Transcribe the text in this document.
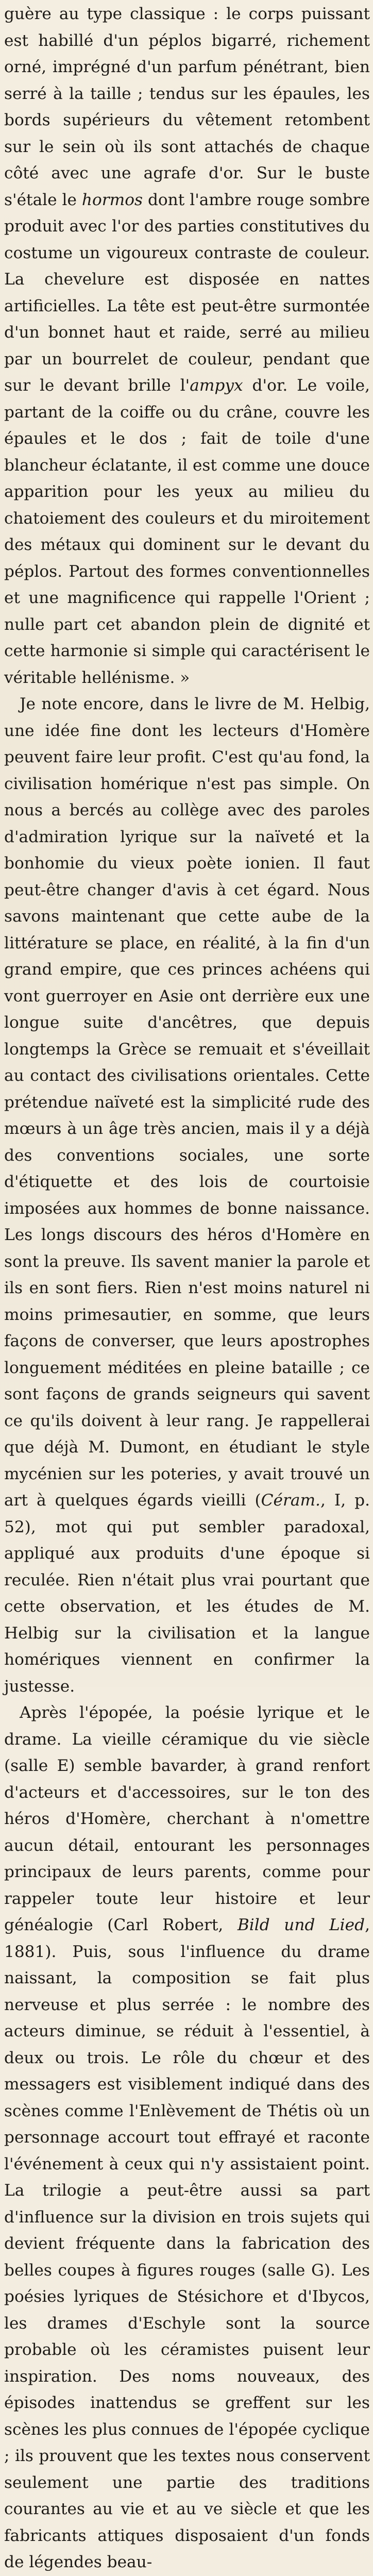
guère au type classique : le corps puissant est habillé d'un péplos bigarré, richement orné, imprégné d'un parfum pénétrant, bien serré à la taille ; tendus sur les épaules, les bords supérieurs du vêtement retombent sur le sein où ils sont attachés de chaque côté avec une agrafe d'or. Sur le buste s'étale le hormos dont l'ambre rouge sombre produit avec l'or des parties constitutives du costume un vigoureux contraste de couleur. La chevelure est disposée en nattes artificielles. La tête est peut-être surmontée d'un bonnet haut et raide, serré au milieu par un bourrelet de couleur, pendant que sur le devant brille l'ampyx d'or. Le voile, partant de la coiffe ou du crâne, couvre les épaules et le dos ; fait de toile d'une blancheur éclatante, il est comme une douce apparition pour les yeux au milieu du chatoiement des couleurs et du miroitement des métaux qui dominent sur le devant du péplos. Partout des formes conventionnelles et une magnificence qui rappelle l'Orient ; nulle part cet abandon plein de dignité et cette harmonie si simple qui caractérisent le véritable hellénisme. »

Je note encore, dans le livre de M. Helbig, une idée fine dont les lecteurs d'Homère peuvent faire leur profit. C'est qu'au fond, la civilisation homérique n'est pas simple. On nous a bercés au collège avec des paroles d'admiration lyrique sur la naïveté et la bonhomie du vieux poète ionien. Il faut peut-être changer d'avis à cet égard. Nous savons maintenant que cette aube de la littérature se place, en réalité, à la fin d'un grand empire, que ces princes achéens qui vont guerroyer en Asie ont derrière eux une longue suite d'ancêtres, que depuis longtemps la Grèce se remuait et s'éveillait au contact des civilisations orientales. Cette prétendue naïveté est la simplicité rude des mœurs à un âge très ancien, mais il y a déjà des conventions sociales, une sorte d'étiquette et des lois de courtoisie imposées aux hommes de bonne naissance. Les longs discours des héros d'Homère en sont la preuve. Ils savent manier la parole et ils en sont fiers. Rien n'est moins naturel ni moins primesautier, en somme, que leurs façons de converser, que leurs apostrophes longuement méditées en pleine bataille ; ce sont façons de grands seigneurs qui savent ce qu'ils doivent à leur rang. Je rappellerai que déjà M. Dumont, en étudiant le style mycénien sur les poteries, y avait trouvé un art à quelques égards vieilli (Céram., I, p. 52), mot qui put sembler paradoxal, appliqué aux produits d'une époque si reculée. Rien n'était plus vrai pourtant que cette observation, et les études de M. Helbig sur la civilisation et la langue homériques viennent en confirmer la justesse.

Après l'épopée, la poésie lyrique et le drame. La vieille céramique du vie siècle (salle E) semble bavarder, à grand renfort d'acteurs et d'accessoires, sur le ton des héros d'Homère, cherchant à n'omettre aucun détail, entourant les personnages principaux de leurs parents, comme pour rappeler toute leur histoire et leur généalogie (Carl Robert, Bild und Lied, 1881). Puis, sous l'influence du drame naissant, la composition se fait plus nerveuse et plus serrée : le nombre des acteurs diminue, se réduit à l'essentiel, à deux ou trois. Le rôle du chœur et des messagers est visiblement indiqué dans des scènes comme l'Enlèvement de Thétis où un personnage accourt tout effrayé et raconte l'événement à ceux qui n'y assistaient point. La trilogie a peut-être aussi sa part d'influence sur la division en trois sujets qui devient fréquente dans la fabrication des belles coupes à figures rouges (salle G). Les poésies lyriques de Stésichore et d'Ibycos, les drames d'Eschyle sont la source probable où les céramistes puisent leur inspiration. Des noms nouveaux, des épisodes inattendus se greffent sur les scènes les plus connues de l'épopée cyclique ; ils prouvent que les textes nous conservent seulement une partie des traditions courantes au vie et au ve siècle et que les fabricants attiques disposaient d'un fonds de légendes beau-
